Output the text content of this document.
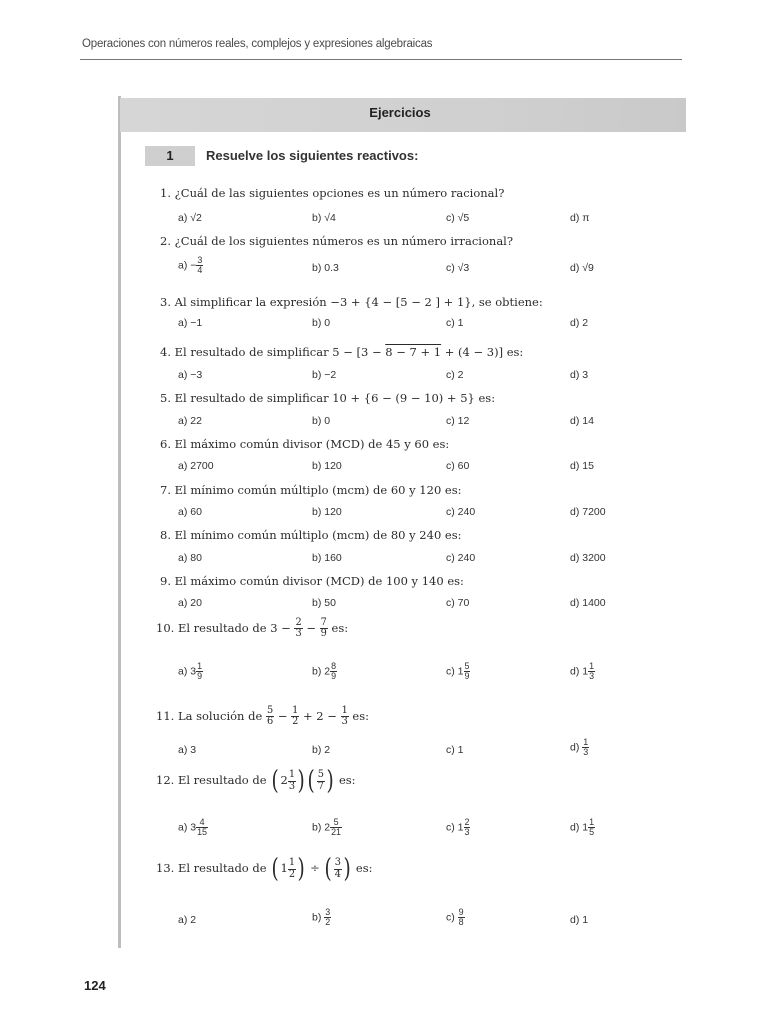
Operaciones con números reales, complejos y expresiones algebraicas
Ejercicios
1	Resuelve los siguientes reactivos:
1. ¿Cuál de las siguientes opciones es un número racional?
a) √2	b) √4	c) √5	d) π
2. ¿Cuál de los siguientes números es un número irracional?
$a) - \frac{3}{4}$	b) 0.3	c) √3	d) √9
3. Al simplificar la expresión −3 + {4 − [5 − 2 ] + 1}, se obtiene:
a) −1	b) 0	c) 1	d) 2
4. El resultado de simplificar 5 − [3 − 8 − 7 + 1 + (4 − 3)] es:
a) −3	b) −2	c) 2	d) 3
5. El resultado de simplificar 10 + {6 − (9 − 10) + 5} es:
a) 22	b) 0	c) 12	d) 14
6. El máximo común divisor (MCD) de 45 y 60 es:
a) 2700	b) 120	c) 60	d) 15
7. El mínimo común múltiplo (mcm) de 60 y 120 es:
a) 60	b) 120	c) 240	d) 7200
8. El mínimo común múltiplo (mcm) de 80 y 240 es:
a) 80	b) 160	c) 240	d) 3200
9. El máximo común divisor (MCD) de 100 y 140 es:
a) 20	b) 50	c) 70	d) 1400
10. El resultado de $3 - \frac{2}{3} - \frac{7}{9}$ es:
a) $3 \frac{1}{9}$	b) $2 \frac{8}{9}$	c) $1 \frac{5}{9}$	d) $1 \frac{1}{3}$
11. La solución de $\frac{5}{6} - \frac{1}{2} + 2 - \frac{1}{3}$ es:
a) 3	b) 2	c) 1	$d) \frac{1}{3}$
12. El resultado de ( $2 \frac{1}{3}$ ) ( $\frac{5}{7}$ ) es:
a) $3 \frac{4}{15}$	b) $2 \frac{5}{21}$	c) $1 \frac{2}{3}$	d) $1 \frac{1}{5}$
13. El resultado de ( $1 \frac{1}{2}$ ) ÷ ( $\frac{3}{4}$ ) es:
a) 2	$b) \frac{3}{2}$	$c) \frac{9}{8}$	d) 1
124
